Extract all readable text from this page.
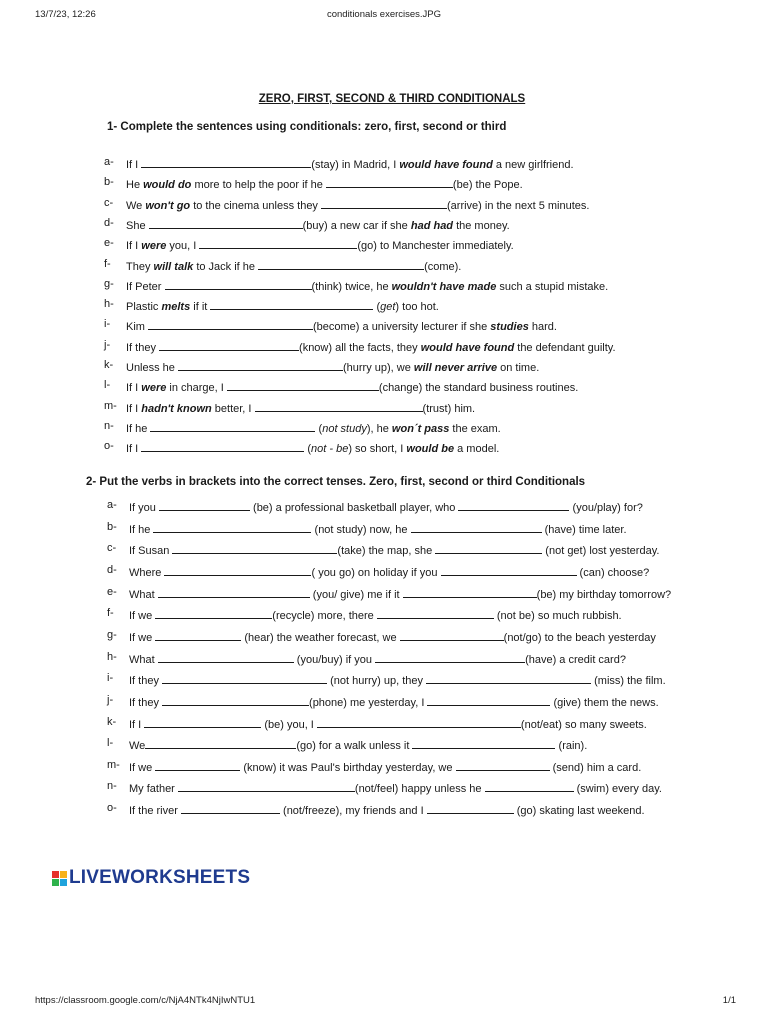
13/7/23, 12:26	conditionals exercises.JPG
ZERO, FIRST, SECOND & THIRD CONDITIONALS
1- Complete the sentences using conditionals: zero, first, second or third
a- If I	(stay) in Madrid, I would have found a new girlfriend.
b- He would do more to help the poor if he	(be) the Pope.
c- We won't go to the cinema unless they	(arrive) in the next 5 minutes.
d- She	(buy) a new car if she had had the money.
e- If I were you, I	(go) to Manchester immediately.
f- They will talk to Jack if he	(come).
g- If Peter	(think) twice, he wouldn't have made such a stupid mistake.
h- Plastic melts if it	(get) too hot.
i- Kim	(become) a university lecturer if she studies hard.
j- If they	(know) all the facts, they would have found the defendant guilty.
k- Unless he	(hurry up), we will never arrive on time.
l- If I were in charge, I	(change) the standard business routines.
m- If I hadn't known better, I	(trust) him.
n- If he	(not study), he won´t pass the exam.
o- If I	(not - be) so short, I would be a model.
2- Put the verbs in brackets into the correct tenses. Zero, first, second or third Conditionals
a- If you	(be) a professional basketball player, who	(you/play) for?
b- If he	(not study) now, he	(have) time later.
c- If Susan	(take) the map, she	(not get) lost yesterday.
d- Where	( you go) on holiday if you	(can) choose?
e- What	(you/ give) me if it	(be) my birthday tomorrow?
f- If we	(recycle) more, there	(not be) so much rubbish.
g- If we	(hear) the weather forecast, we	(not/go) to the beach yesterday
h- What	(you/buy) if you	(have) a credit card?
i- If they	(not hurry) up, they	(miss) the film.
j- If they	(phone) me yesterday, I	(give) them the news.
k- If I	(be) you, I	(not/eat) so many sweets.
l- We	(go) for a walk unless it	(rain).
m- If we	(know) it was Paul's birthday yesterday, we	(send) him a card.
n- My father	(not/feel) happy unless he	(swim) every day.
o- If the river	(not/freeze), my friends and I	(go) skating last weekend.
LIVEWORKSHEETS
https://classroom.google.com/c/NjA4NTk4NjIwNTU1	1/1
